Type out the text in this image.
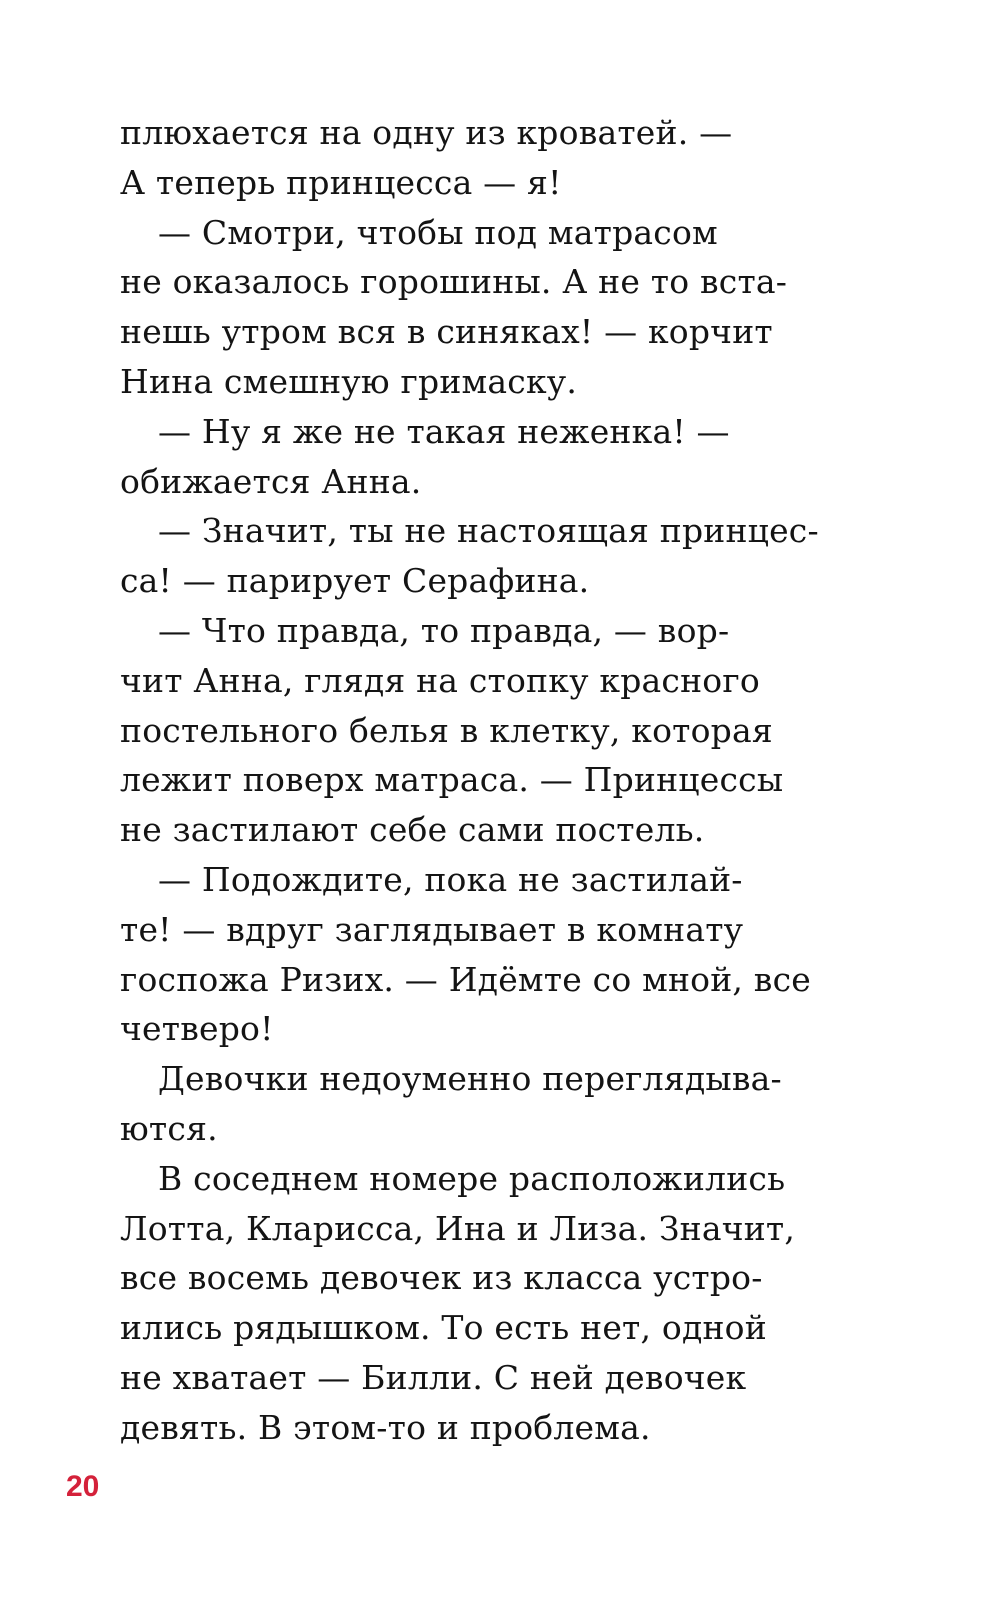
плюхается на одну из кроватей. —
А теперь принцесса — я!
— Смотри, чтобы под матрасом
не оказалось горошины. А не то вста-
нешь утром вся в синяках! — корчит
Нина смешную гримаску.
— Ну я же не такая неженка! —
обижается Анна.
— Значит, ты не настоящая принцес-
са! — парирует Серафина.
— Что правда, то правда, — вор-
чит Анна, глядя на стопку красного
постельного белья в клетку, которая
лежит поверх матраса. — Принцессы
не застилают себе сами постель.
— Подождите, пока не застилай-
те! — вдруг заглядывает в комнату
госпожа Ризих. — Идёмте со мной, все
четверо!
Девочки недоуменно переглядыва-
ются.
В соседнем номере расположились
Лотта, Кларисса, Ина и Лиза. Значит,
все восемь девочек из класса устро-
ились рядышком. То есть нет, одной
не хватает — Билли. С ней девочек
девять. В этом-то и проблема.
20
